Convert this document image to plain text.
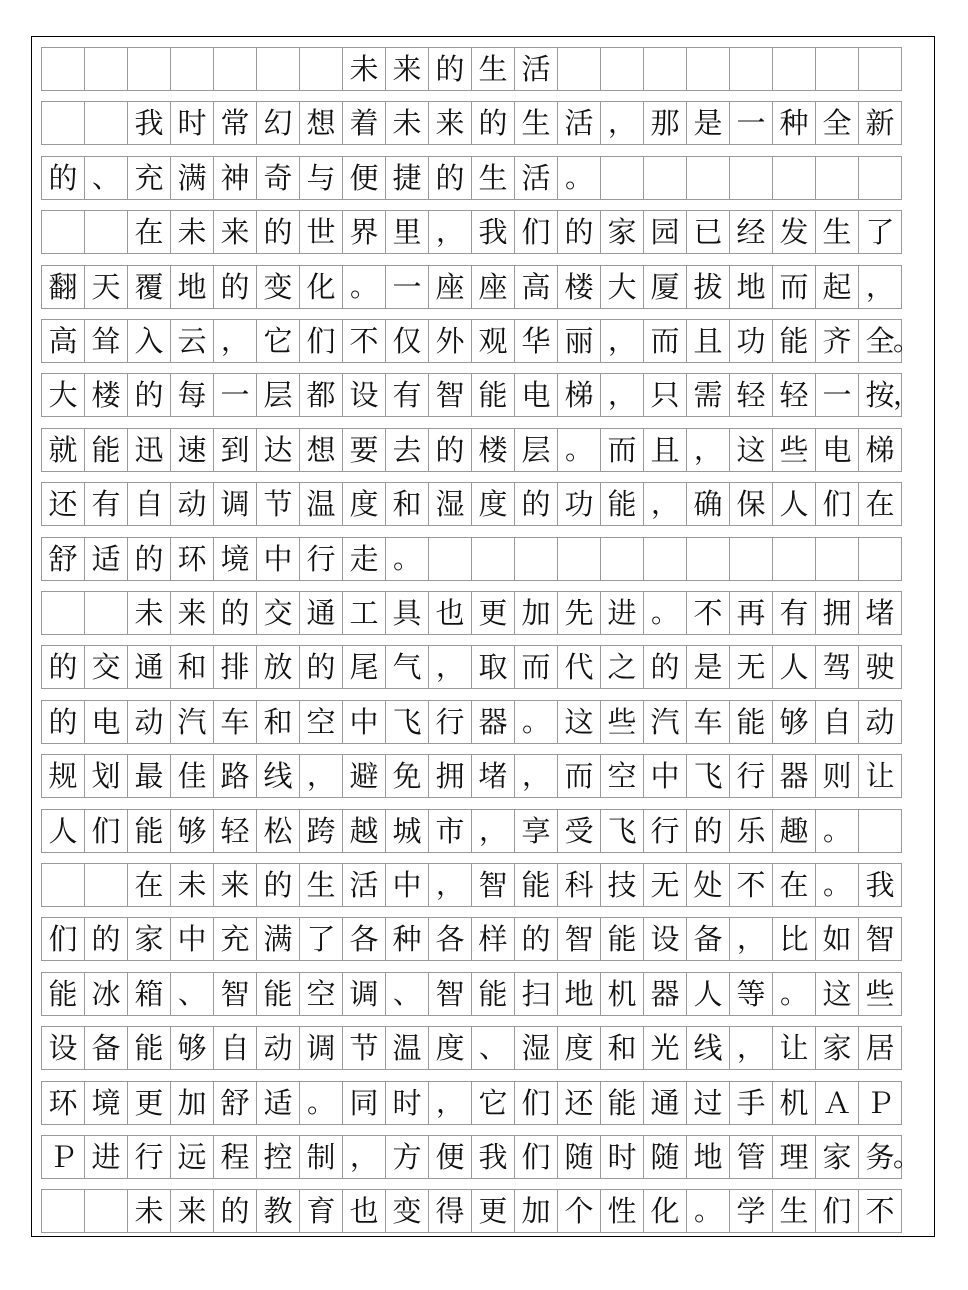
未 来 的 生 活
我 时 常 幻 想 着 未 来 的 生 活 ， 那 是 一 种 全 新
的 、 充 满 神 奇 与 便 捷 的 生 活 。
在 未 来 的 世 界 里 ， 我 们 的 家 园 已 经 发 生 了
翻 天 覆 地 的 变 化 。 一 座 座 高 楼 大 厦 拔 地 而 起 ，
高 耸 入 云 ， 它 们 不 仅 外 观 华 丽 ， 而 且 功 能 齐 全
。
大 楼 的 每 一 层 都 设 有 智 能 电 梯 ， 只 需 轻 轻 一 按
，
就 能 迅 速 到 达 想 要 去 的 楼 层 。 而 且 ， 这 些 电 梯
还 有 自 动 调 节 温 度 和 湿 度 的 功 能 ， 确 保 人 们 在
舒 适 的 环 境 中 行 走 。
未 来 的 交 通 工 具 也 更 加 先 进 。 不 再 有 拥 堵
的 交 通 和 排 放 的 尾 气 ， 取 而 代 之 的 是 无 人 驾 驶
的 电 动 汽 车 和 空 中 飞 行 器 。 这 些 汽 车 能 够 自 动
规 划 最 佳 路 线 ， 避 免 拥 堵 ， 而 空 中 飞 行 器 则 让
人 们 能 够 轻 松 跨 越 城 市 ， 享 受 飞 行 的 乐 趣 。
在 未 来 的 生 活 中 ， 智 能 科 技 无 处 不 在 。 我
们 的 家 中 充 满 了 各 种 各 样 的 智 能 设 备 ， 比 如 智
能 冰 箱 、 智 能 空 调 、 智 能 扫 地 机 器 人 等 。 这 些
设 备 能 够 自 动 调 节 温 度 、 湿 度 和 光 线 ， 让 家 居
环 境 更 加 舒 适 。 同 时 ， 它 们 还 能 通 过 手 机 Ａ Ｐ
Ｐ 进 行 远 程 控 制 ， 方 便 我 们 随 时 随 地 管 理 家 务
。
未 来 的 教 育 也 变 得 更 加 个 性 化 。 学 生 们 不
